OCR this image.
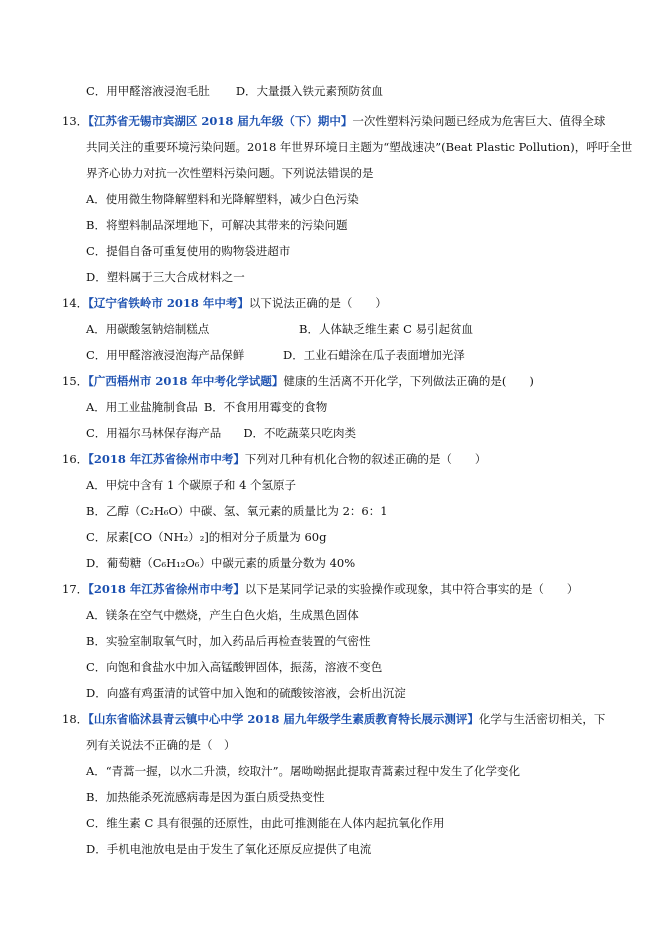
C．用甲醛溶液浸泡毛肚 D．大量摄入铁元素预防贫血
13．【江苏省无锡市宾湖区 2018 届九年级（下）期中】一次性塑料污染问题已经成为危害巨大、值得全球
共同关注的重要环境污染问题。2018 年世界环境日主题为“塑战速决”(Beat Plastic Pollution)，呼吁全世
界齐心协力对抗一次性塑料污染问题。下列说法错误的是
A．使用微生物降解塑料和光降解塑料，减少白色污染
B．将塑料制品深埋地下，可解决其带来的污染问题
C．提倡自备可重复使用的购物袋进超市
D．塑料属于三大合成材料之一
14．【辽宁省铁岭市 2018 年中考】以下说法正确的是（　　）
A．用碳酸氢钠焙制糕点	B．人体缺乏维生素 C 易引起贫血
C．用甲醛溶液浸泡海产品保鲜	D．工业石蜡涂在瓜子表面增加光泽
15．【广西梧州市 2018 年中考化学试题】健康的生活离不开化学，下列做法正确的是(　　)
A．用工业盐腌制食品 B．不食用用霉变的食物
C．用福尔马林保存海产品 D．不吃蔬菜只吃肉类
16．【2018 年江苏省徐州市中考】下列对几种有机化合物的叙述正确的是（　　）
A．甲烷中含有 1 个碳原子和 4 个氢原子
B．乙醇（C₂H₆O）中碳、氢、氧元素的质量比为 2：6：1
C．尿素[CO（NH₂）₂]的相对分子质量为 60g
D．葡萄糖（C₆H₁₂O₆）中碳元素的质量分数为 40%
17．【2018 年江苏省徐州市中考】以下是某同学记录的实验操作或现象，其中符合事实的是（　　）
A．镁条在空气中燃烧，产生白色火焰，生成黑色固体
B．实验室制取氧气时，加入药品后再检查装置的气密性
C．向饱和食盐水中加入高锰酸钾固体，振荡，溶液不变色
D．向盛有鸡蛋清的试管中加入饱和的硫酸铵溶液，会析出沉淀
18．【山东省临沭县青云镇中心中学 2018 届九年级学生素质教育特长展示测评】化学与生活密切相关，下
列有关说法不正确的是（　）
A．“青蒿一握，以水二升溃，绞取汁”。屠呦呦据此提取青蒿素过程中发生了化学变化
B．加热能杀死流感病毒是因为蛋白质受热变性
C．维生素 C 具有很强的还原性，由此可推测能在人体内起抗氧化作用
D．手机电池放电是由于发生了氧化还原反应提供了电流
